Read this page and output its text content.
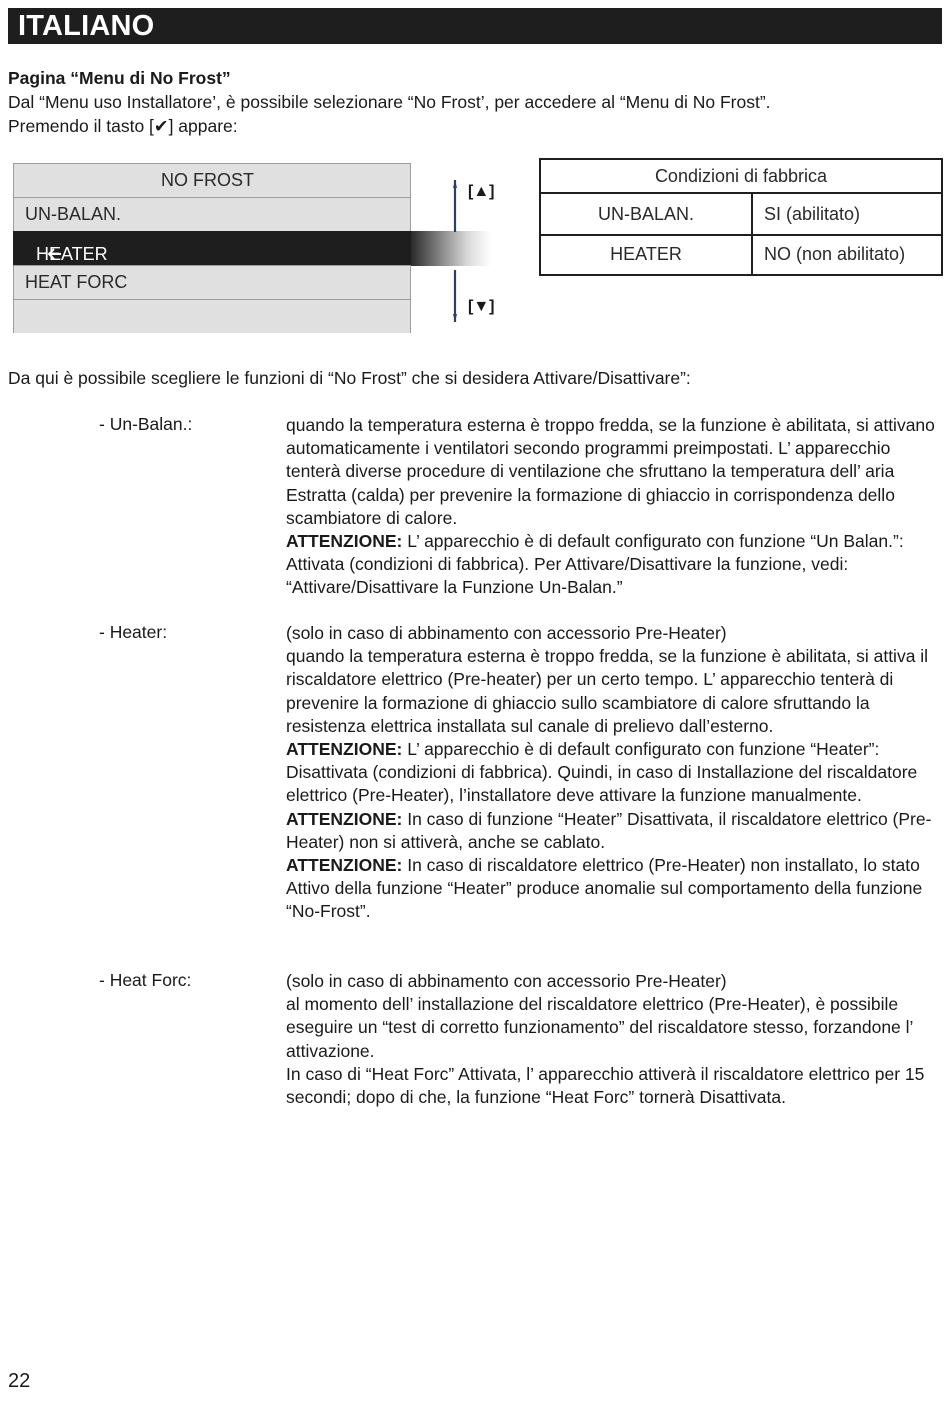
ITALIANO
Pagina “Menu di No Frost”
Dal “Menu uso Installatore’, è possibile selezionare “No Frost’, per accedere al “Menu di No Frost”.
Premendo il tasto [✔] appare:
NO FROST
UN-BALAN.
HEATER
HEAT FORC
[▲]
[▼]
Condizioni di fabbrica
UN-BALAN.	SI (abilitato)
HEATER	NO (non abilitato)
Da qui è possibile scegliere le funzioni di “No Frost” che si desidera Attivare/Disattivare”:
- Un-Balan.:	quando la temperatura esterna è troppo fredda, se la funzione è abilitata, si attivano automaticamente i ventilatori secondo programmi preimpostati. L’ apparecchio tenterà diverse procedure di ventilazione che sfruttano la temperatura dell’ aria Estratta (calda) per prevenire la formazione di ghiaccio in corrispondenza dello scambiatore di calore.

ATTENZIONE: L’ apparecchio è di default configurato con funzione “Un Balan.”: Attivata (condizioni di fabbrica). Per Attivare/Disattivare la funzione, vedi: “Attivare/Disattivare la Funzione Un-Balan.”

- Heater:	(solo in caso di abbinamento con accessorio Pre-Heater)

quando la temperatura esterna è troppo fredda, se la funzione è abilitata, si attiva il riscaldatore elettrico (Pre-heater) per un certo tempo. L’ apparecchio tenterà di prevenire la formazione di ghiaccio sullo scambiatore di calore sfruttando la resistenza elettrica installata sul canale di prelievo dall’esterno.

ATTENZIONE: L’ apparecchio è di default configurato con funzione “Heater”: Disattivata (condizioni di fabbrica). Quindi, in caso di Installazione del riscaldatore elettrico (Pre-Heater), l’installatore deve attivare la funzione manualmente.

ATTENZIONE: In caso di funzione “Heater” Disattivata, il riscaldatore elettrico (Pre-Heater) non si attiverà, anche se cablato.

ATTENZIONE: In caso di riscaldatore elettrico (Pre-Heater) non installato, lo stato Attivo della funzione “Heater” produce anomalie sul comportamento della funzione “No-Frost”.

- Heat Forc:	(solo in caso di abbinamento con accessorio Pre-Heater)

al momento dell’ installazione del riscaldatore elettrico (Pre-Heater), è possibile eseguire un “test di corretto funzionamento” del riscaldatore stesso, forzandone l’ attivazione.

In caso di “Heat Forc” Attivata, l’ apparecchio attiverà il riscaldatore elettrico per 15 secondi; dopo di che, la funzione “Heat Forc” tornerà Disattivata.

22
